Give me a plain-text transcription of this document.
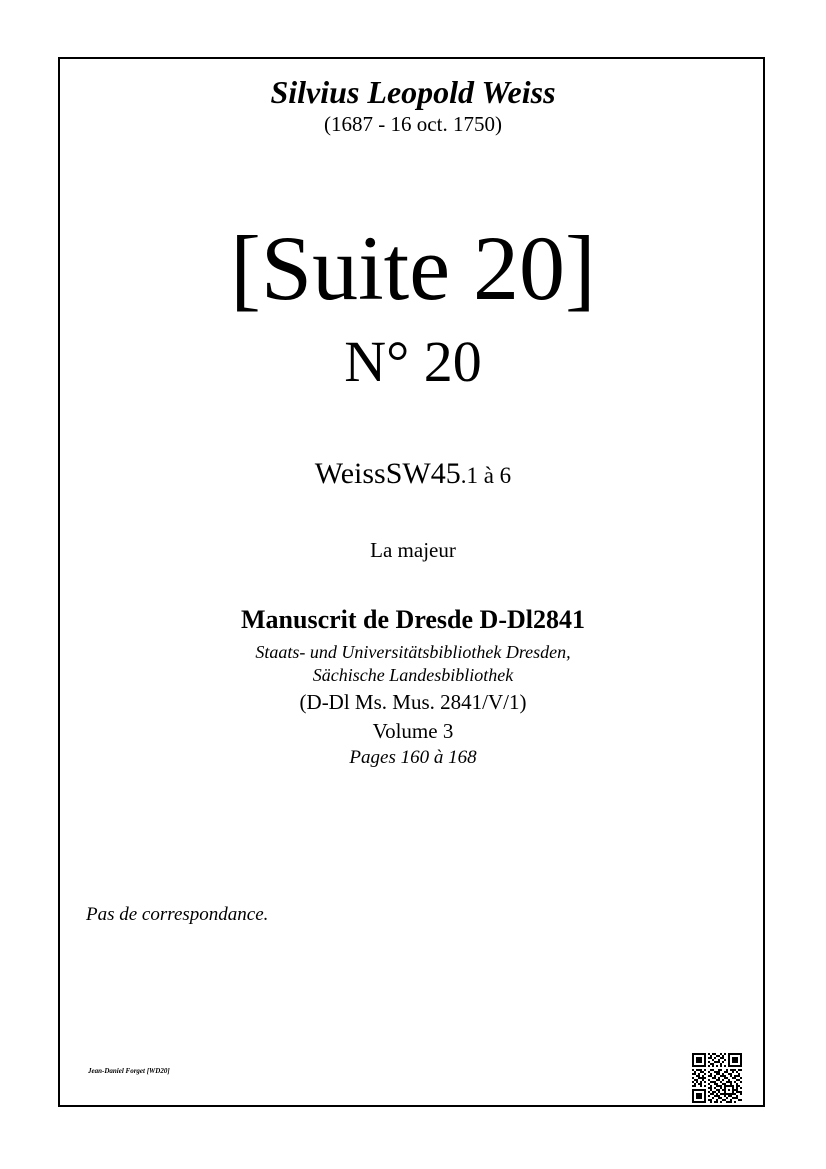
Silvius Leopold Weiss
(1687 - 16 oct. 1750)
[Suite 20]
N° 20
WeissSW45.1 à 6
La majeur
Manuscrit de Dresde D-Dl2841
Staats- und Universitätsbibliothek Dresden,
Sächische Landesbibliothek
(D-Dl Ms. Mus. 2841/V/1)
Volume 3
Pages 160 à 168
Pas de correspondance.
Jean-Daniel Forget [WD20]
